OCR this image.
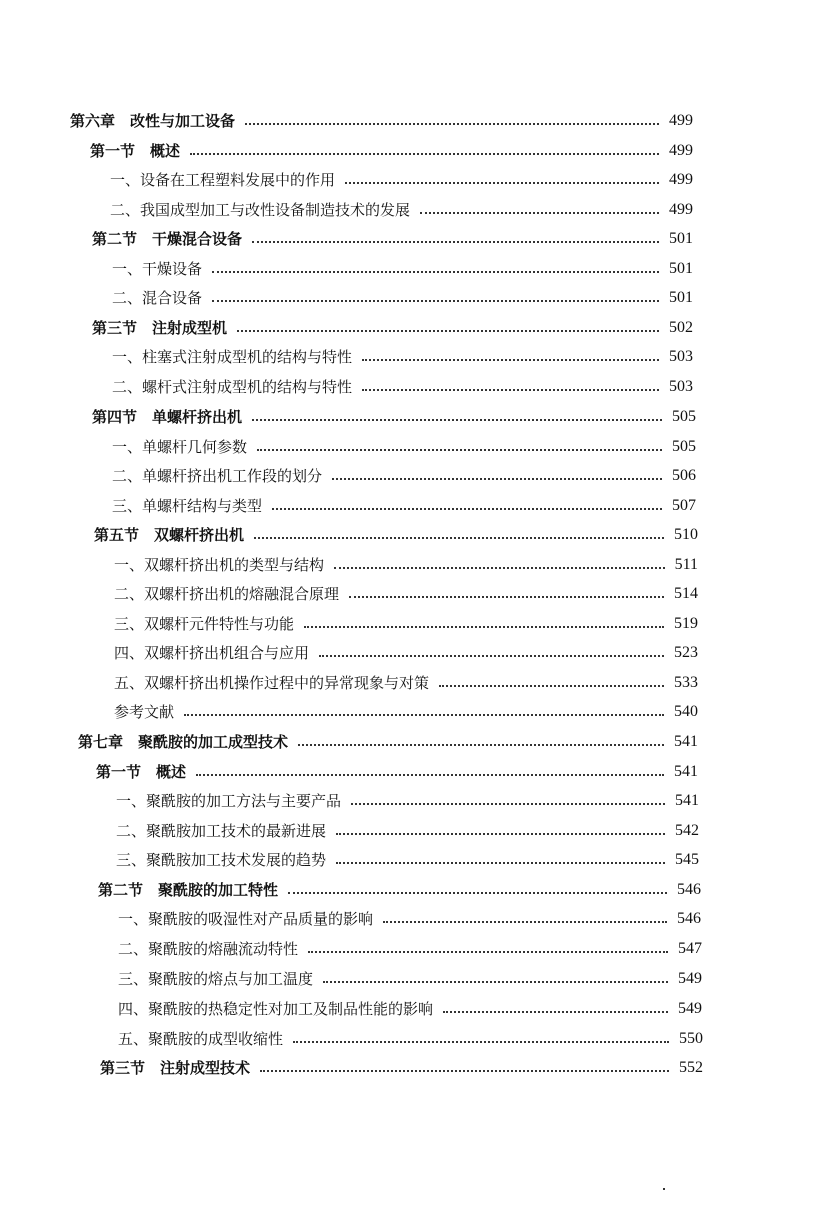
第六章　改性与加工设备	499
第一节　概述	499
一、设备在工程塑料发展中的作用	499
二、我国成型加工与改性设备制造技术的发展	499
第二节　干燥混合设备	501
一、干燥设备	501
二、混合设备	501
第三节　注射成型机	502
一、柱塞式注射成型机的结构与特性	503
二、螺杆式注射成型机的结构与特性	503
第四节　单螺杆挤出机	505
一、单螺杆几何参数	505
二、单螺杆挤出机工作段的划分	506
三、单螺杆结构与类型	507
第五节　双螺杆挤出机	510
一、双螺杆挤出机的类型与结构	511
二、双螺杆挤出机的熔融混合原理	514
三、双螺杆元件特性与功能	519
四、双螺杆挤出机组合与应用	523
五、双螺杆挤出机操作过程中的异常现象与对策	533
参考文献	540
第七章　聚酰胺的加工成型技术	541
第一节　概述	541
一、聚酰胺的加工方法与主要产品	541
二、聚酰胺加工技术的最新进展	542
三、聚酰胺加工技术发展的趋势	545
第二节　聚酰胺的加工特性	546
一、聚酰胺的吸湿性对产品质量的影响	546
二、聚酰胺的熔融流动特性	547
三、聚酰胺的熔点与加工温度	549
四、聚酰胺的热稳定性对加工及制品性能的影响	549
五、聚酰胺的成型收缩性	550
第三节　注射成型技术	552
